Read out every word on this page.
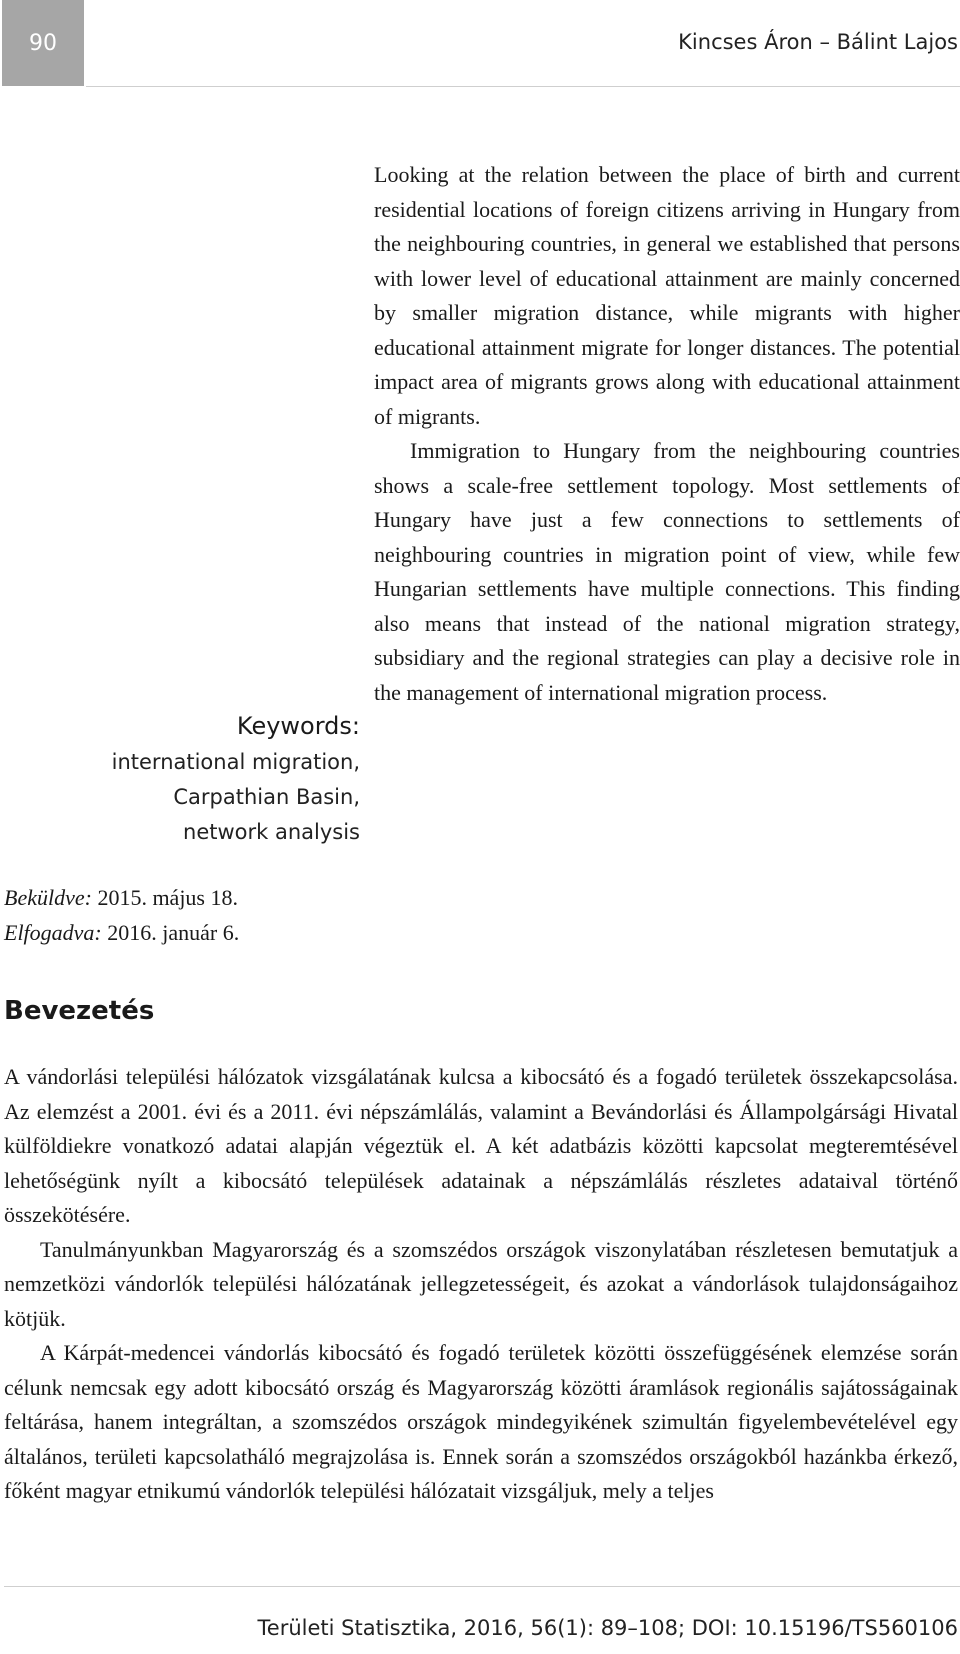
90	Kincses Áron – Bálint Lajos

Looking at the relation between the place of birth and current residential locations of foreign citizens arriving in Hungary from the neighbouring countries, in general we established that persons with lower level of educational attainment are mainly concerned by smaller migration distance, while migrants with higher educational attainment migrate for longer distances. The potential impact area of migrants grows along with educational attainment of migrants.

Immigration to Hungary from the neighbouring countries shows a scale-free settlement topology. Most settlements of Hungary have just a few connections to settlements of neighbouring countries in migration point of view, while few Hungarian settlements have multiple connections. This finding also means that instead of the national migration strategy, subsidiary and the regional strategies can play a decisive role in the management of international migration process.

Keywords:
international migration,
Carpathian Basin,
network analysis
Beküldve: 2015. május 18.
Elfogadva: 2016. január 6.
Bevezetés

A vándorlási települési hálózatok vizsgálatának kulcsa a kibocsátó és a fogadó területek összekapcsolása. Az elemzést a 2001. évi és a 2011. évi népszámlálás, valamint a Bevándorlási és Állampolgársági Hivatal külföldiekre vonatkozó adatai alapján végeztük el. A két adatbázis közötti kapcsolat megteremtésével lehetőségünk nyílt a kibocsátó települések adatainak a népszámlálás részletes adataival történő összekötésére.

Tanulmányunkban Magyarország és a szomszédos országok viszonylatában részletesen bemutatjuk a nemzetközi vándorlók települési hálózatának jellegzetességeit, és azokat a vándorlások tulajdonságaihoz kötjük.

A Kárpát-medencei vándorlás kibocsátó és fogadó területek közötti összefüggésének elemzése során célunk nemcsak egy adott kibocsátó ország és Magyarország közötti áramlások regionális sajátosságainak feltárása, hanem integráltan, a szomszédos országok mindegyikének szimultán figyelembevételével egy általános, területi kapcsolatháló megrajzolása is. Ennek során a szomszédos országokból hazánkba érkező, főként magyar etnikumú vándorlók települési hálózatait vizsgáljuk, mely a teljes

Területi Statisztika, 2016, 56(1): 89–108; DOI: 10.15196/TS560106
